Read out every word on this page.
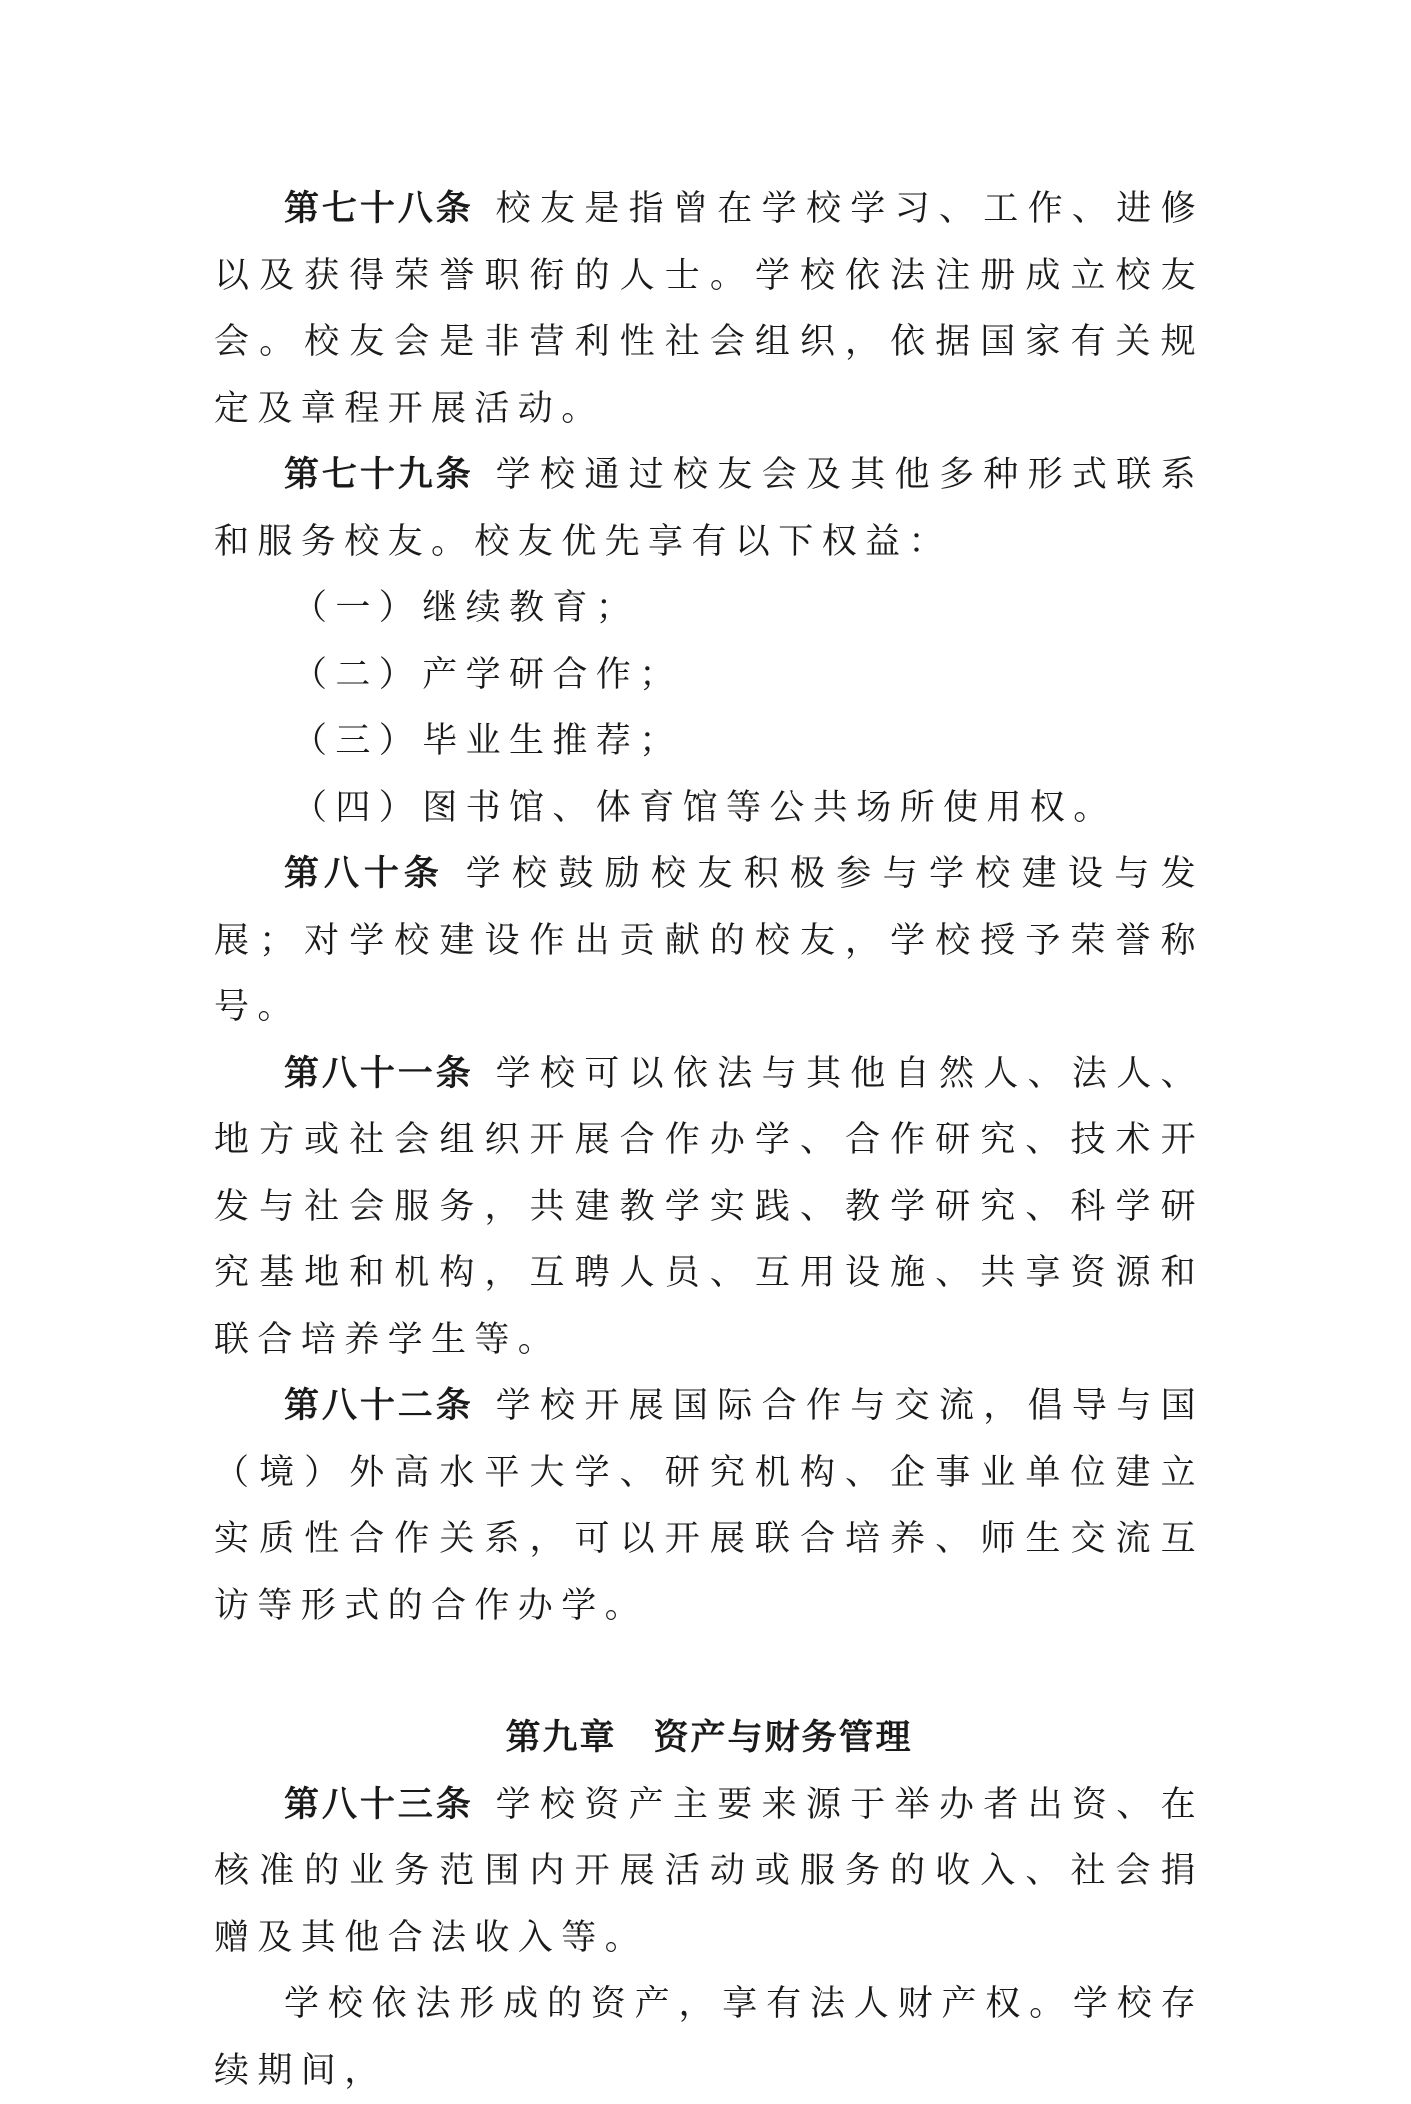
第七十八条 校友是指曾在学校学习、工作、进修以及获得荣誉职衔的人士。学校依法注册成立校友会。校友会是非营利性社会组织，依据国家有关规定及章程开展活动。

第七十九条 学校通过校友会及其他多种形式联系和服务校友。校友优先享有以下权益：

（一）继续教育；

（二）产学研合作；

（三）毕业生推荐；

（四）图书馆、体育馆等公共场所使用权。

第八十条 学校鼓励校友积极参与学校建设与发展；对学校建设作出贡献的校友，学校授予荣誉称号。

第八十一条 学校可以依法与其他自然人、法人、地方或社会组织开展合作办学、合作研究、技术开发与社会服务，共建教学实践、教学研究、科学研究基地和机构，互聘人员、互用设施、共享资源和联合培养学生等。

第八十二条 学校开展国际合作与交流，倡导与国（境）外高水平大学、研究机构、企事业单位建立实质性合作关系，可以开展联合培养、师生交流互访等形式的合作办学。

第九章　资产与财务管理

第八十三条 学校资产主要来源于举办者出资、在核准的业务范围内开展活动或服务的收入、社会捐赠及其他合法收入等。

学校依法形成的资产，享有法人财产权。学校存续期间，
